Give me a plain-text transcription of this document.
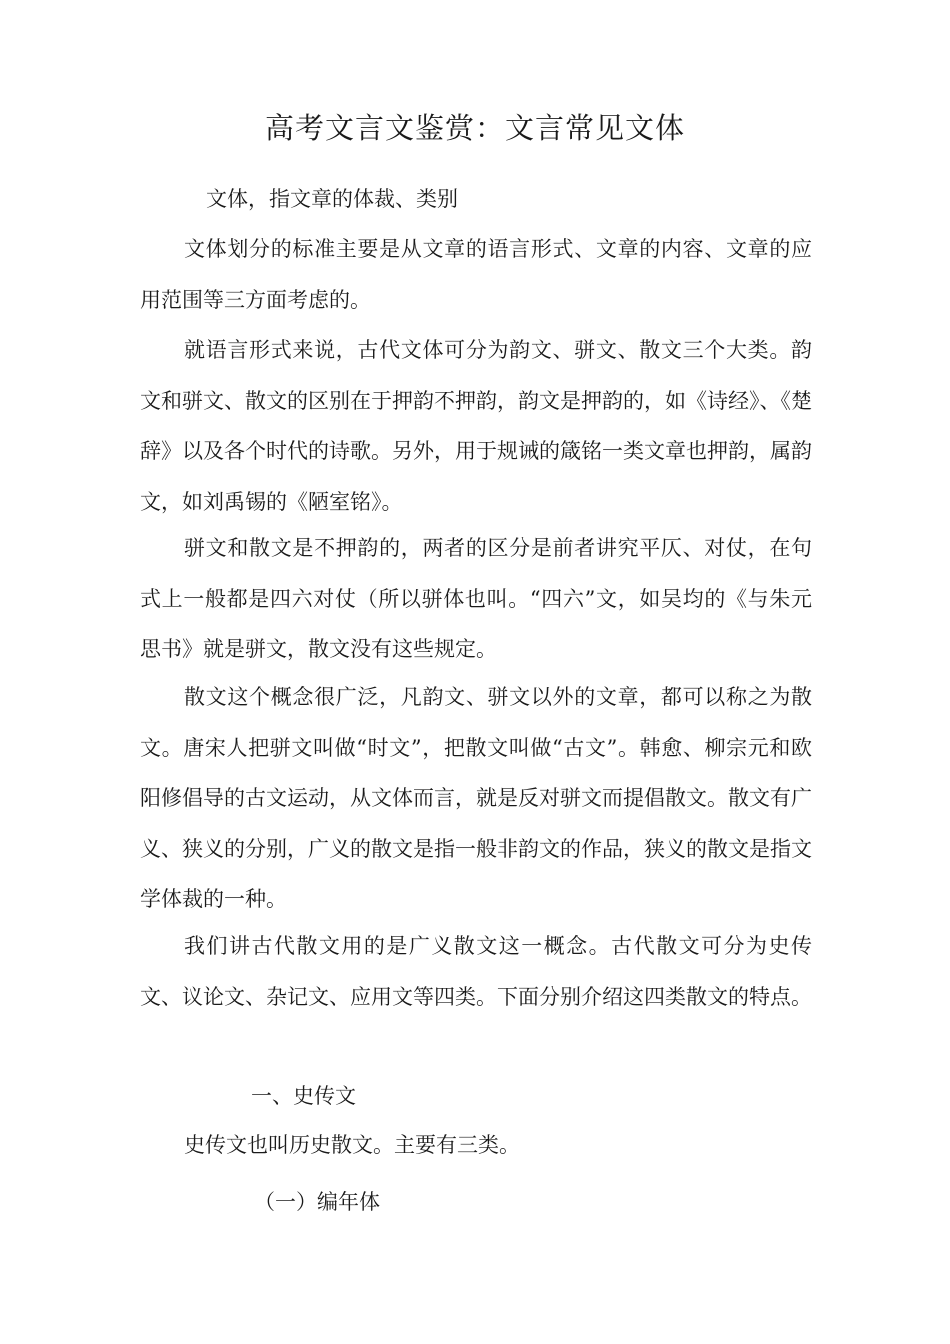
高考文言文鉴赏：文言常见文体
文体，指文章的体裁、类别

文体划分的标准主要是从文章的语言形式、文章的内容、文章的应用范围等三方面考虑的。

就语言形式来说，古代文体可分为韵文、骈文、散文三个大类。韵文和骈文、散文的区别在于押韵不押韵，韵文是押韵的，如《诗经》、《楚辞》以及各个时代的诗歌。另外，用于规诫的箴铭一类文章也押韵，属韵文，如刘禹锡的《陋室铭》。

骈文和散文是不押韵的，两者的区分是前者讲究平仄、对仗，在句式上一般都是四六对仗（所以骈体也叫。“四六”文，如吴均的《与朱元思书》就是骈文，散文没有这些规定。

散文这个概念很广泛，凡韵文、骈文以外的文章，都可以称之为散文。唐宋人把骈文叫做“时文”，把散文叫做“古文”。韩愈、柳宗元和欧阳修倡导的古文运动，从文体而言，就是反对骈文而提倡散文。散文有广义、狭义的分别，广义的散文是指一般非韵文的作品，狭义的散文是指文学体裁的一种。

我们讲古代散文用的是广义散文这一概念。古代散文可分为史传文、议论文、杂记文、应用文等四类。下面分别介绍这四类散文的特点。

一、史传文
史传文也叫历史散文。主要有三类。
（一）编年体
